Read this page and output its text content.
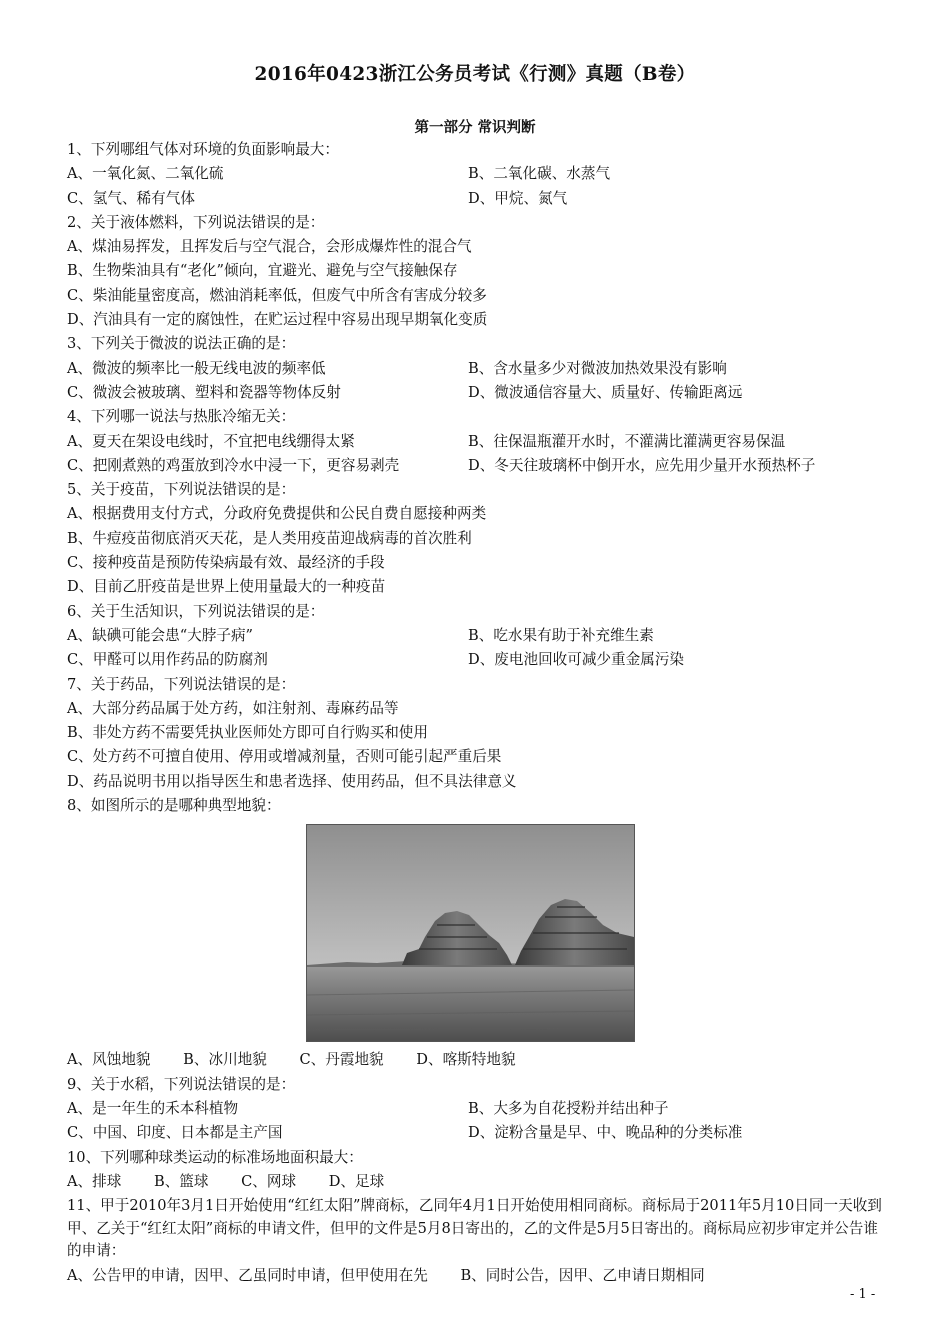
2016年0423浙江公务员考试《行测》真题（B卷）
第一部分 常识判断
1、下列哪组气体对环境的负面影响最大：
A、一氧化氮、二氧化硫	B、二氧化碳、水蒸气
C、氢气、稀有气体	D、甲烷、氮气
2、关于液体燃料，下列说法错误的是：
A、煤油易挥发，且挥发后与空气混合，会形成爆炸性的混合气
B、生物柴油具有“老化”倾向，宜避光、避免与空气接触保存
C、柴油能量密度高，燃油消耗率低，但废气中所含有害成分较多
D、汽油具有一定的腐蚀性，在贮运过程中容易出现早期氧化变质
3、下列关于微波的说法正确的是：
A、微波的频率比一般无线电波的频率低	B、含水量多少对微波加热效果没有影响
C、微波会被玻璃、塑料和瓷器等物体反射	D、微波通信容量大、质量好、传输距离远
4、下列哪一说法与热胀冷缩无关：
A、夏天在架设电线时，不宜把电线绷得太紧	B、往保温瓶灌开水时，不灌满比灌满更容易保温
C、把刚煮熟的鸡蛋放到冷水中浸一下，更容易剥壳	D、冬天往玻璃杯中倒开水，应先用少量开水预热杯子
5、关于疫苗，下列说法错误的是：
A、根据费用支付方式，分政府免费提供和公民自费自愿接种两类
B、牛痘疫苗彻底消灭天花，是人类用疫苗迎战病毒的首次胜利
C、接种疫苗是预防传染病最有效、最经济的手段
D、目前乙肝疫苗是世界上使用量最大的一种疫苗
6、关于生活知识，下列说法错误的是：
A、缺碘可能会患“大脖子病”	B、吃水果有助于补充维生素
C、甲醛可以用作药品的防腐剂	D、废电池回收可减少重金属污染
7、关于药品，下列说法错误的是：
A、大部分药品属于处方药，如注射剂、毒麻药品等
B、非处方药不需要凭执业医师处方即可自行购买和使用
C、处方药不可擅自使用、停用或增减剂量，否则可能引起严重后果
D、药品说明书用以指导医生和患者选择、使用药品，但不具法律意义
8、如图所示的是哪种典型地貌：
A、风蚀地貌 B、冰川地貌 C、丹霞地貌 D、喀斯特地貌
9、关于水稻，下列说法错误的是：
A、是一年生的禾本科植物	B、大多为自花授粉并结出种子
C、中国、印度、日本都是主产国	D、淀粉含量是早、中、晚品种的分类标准
10、下列哪种球类运动的标准场地面积最大：
A、排球 B、篮球 C、网球 D、足球
11、甲于2010年3月1日开始使用“红红太阳”牌商标，乙同年4月1日开始使用相同商标。商标局于2011年5月10日同一天收到甲、乙关于“红红太阳”商标的申请文件，但甲的文件是5月8日寄出的，乙的文件是5月5日寄出的。商标局应初步审定并公告谁的申请：
A、公告甲的申请，因甲、乙虽同时申请，但甲使用在先 B、同时公告，因甲、乙申请日期相同
- 1 -
